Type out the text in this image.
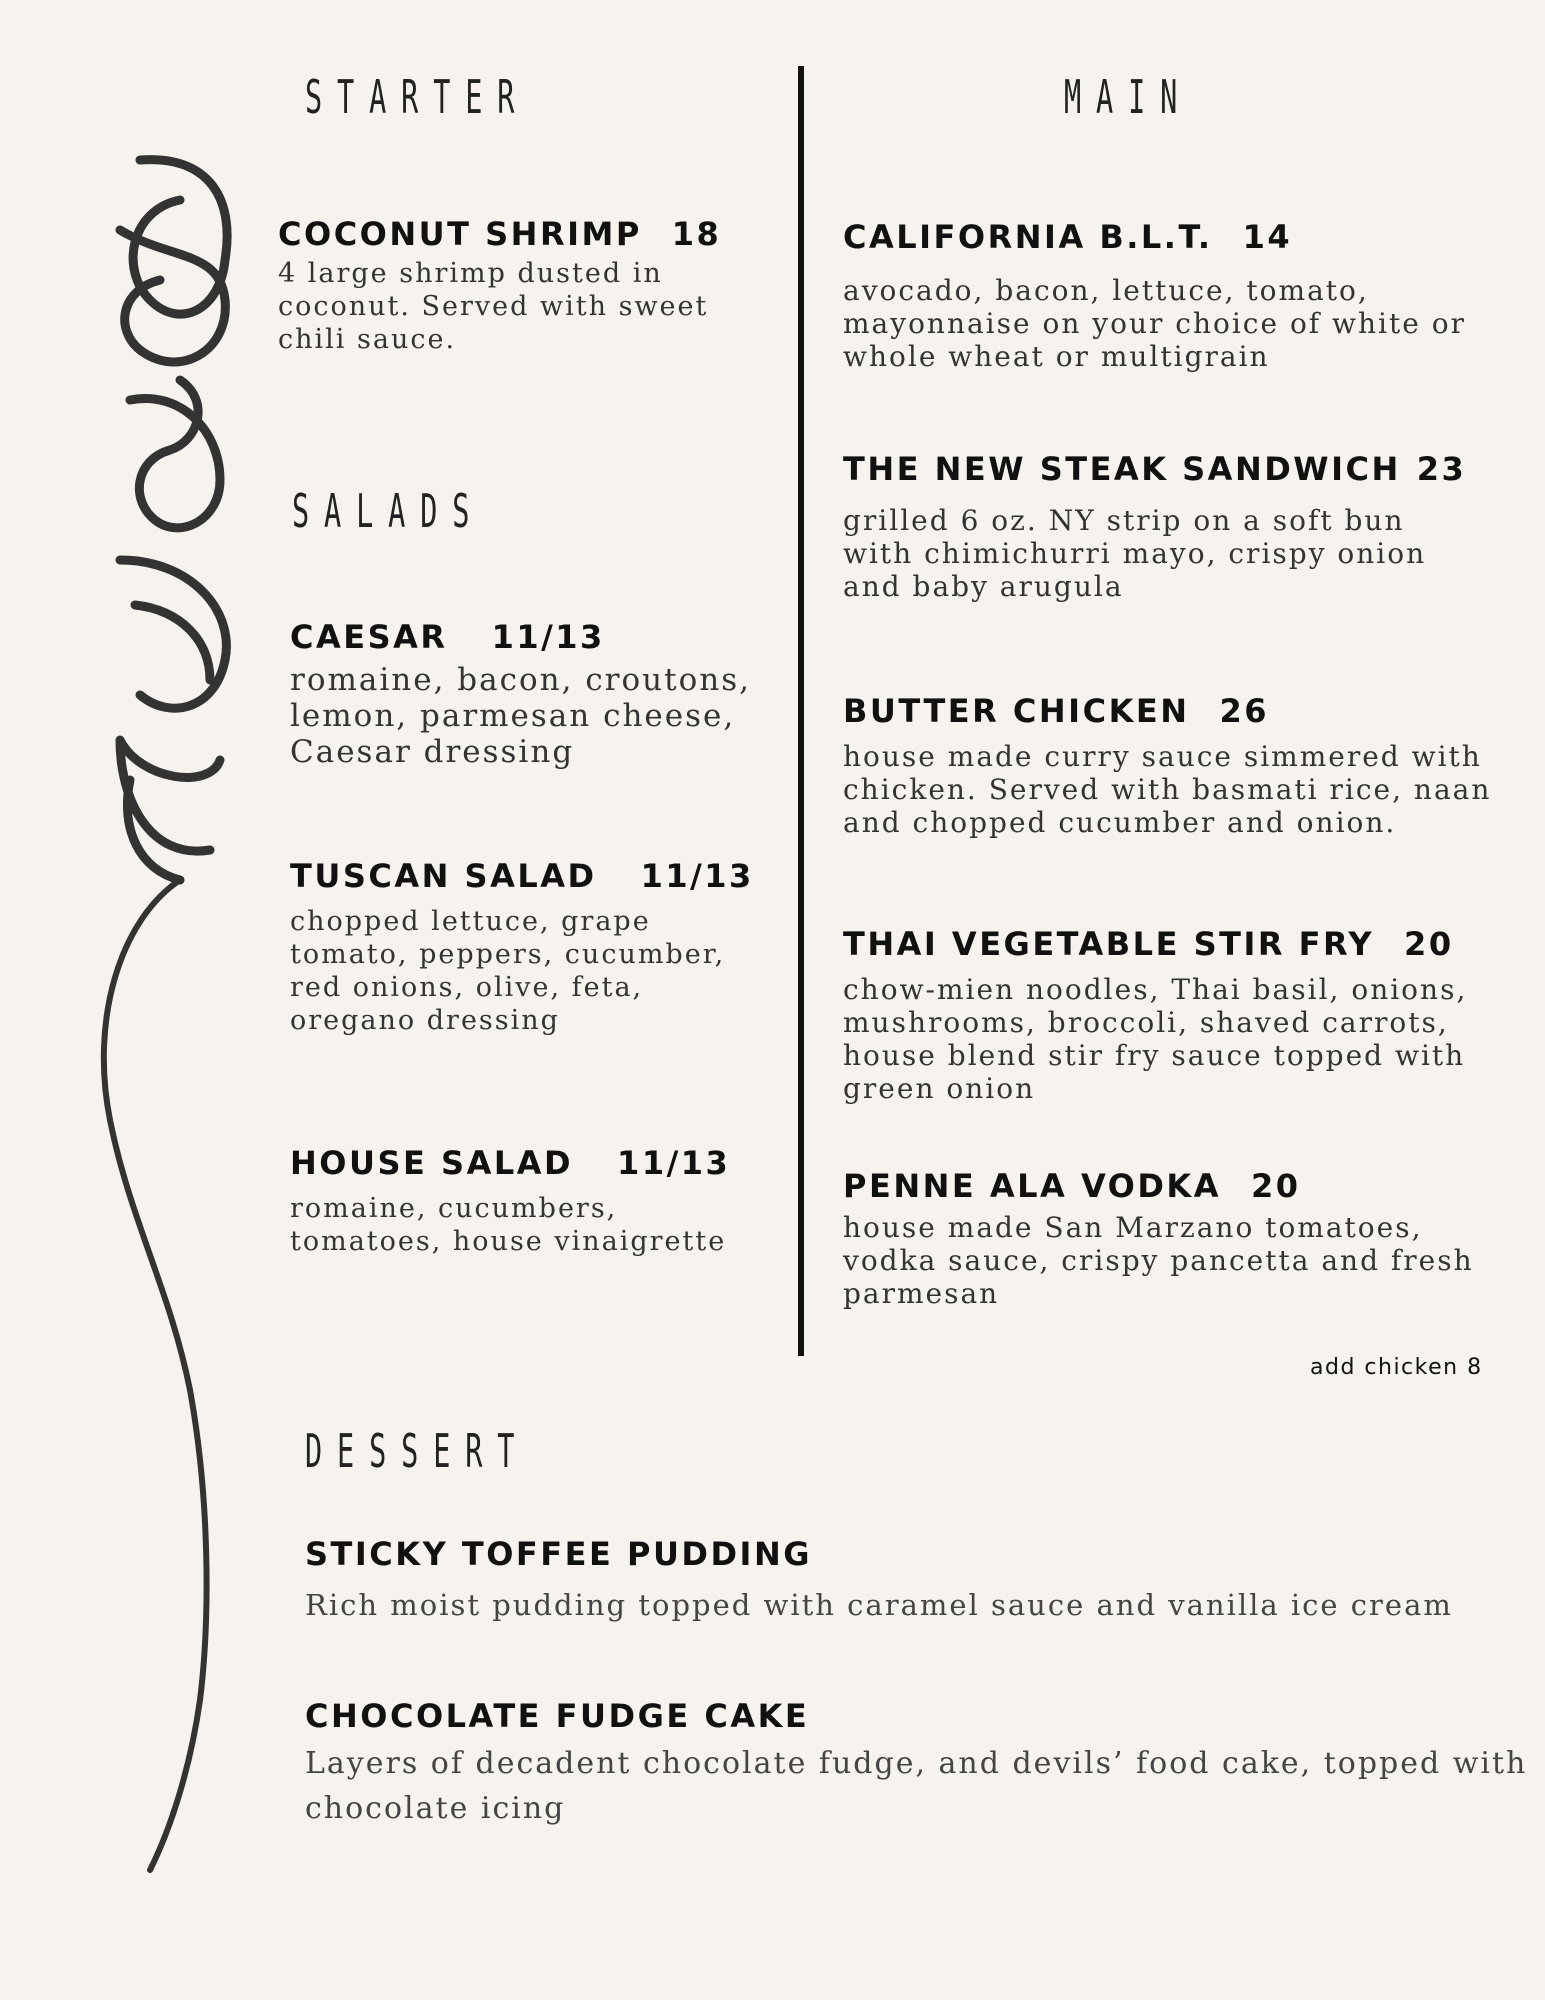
STARTER
COCONUT SHRIMP 18
4 large shrimp dusted in
coconut. Served with sweet
chili sauce.
SALADS
CAESAR 11/13
romaine, bacon, croutons,
lemon, parmesan cheese,
Caesar dressing
TUSCAN SALAD 11/13
chopped lettuce, grape
tomato, peppers, cucumber,
red onions, olive, feta,
oregano dressing
HOUSE SALAD 11/13
romaine, cucumbers,
tomatoes, house vinaigrette
MAIN
CALIFORNIA B.L.T. 14
avocado, bacon, lettuce, tomato,
mayonnaise on your choice of white or
whole wheat or multigrain
THE NEW STEAK SANDWICH 23
grilled 6 oz. NY strip on a soft bun
with chimichurri mayo, crispy onion
and baby arugula
BUTTER CHICKEN 26
house made curry sauce simmered with
chicken. Served with basmati rice, naan
and chopped cucumber and onion.
THAI VEGETABLE STIR FRY 20
chow-mien noodles, Thai basil, onions,
mushrooms, broccoli, shaved carrots,
house blend stir fry sauce topped with
green onion
PENNE ALA VODKA 20
house made San Marzano tomatoes,
vodka sauce, crispy pancetta and fresh
parmesan
add chicken 8
DESSERT
STICKY TOFFEE PUDDING
Rich moist pudding topped with caramel sauce and vanilla ice cream
CHOCOLATE FUDGE CAKE
Layers of decadent chocolate fudge, and devils’ food cake, topped with
chocolate icing
